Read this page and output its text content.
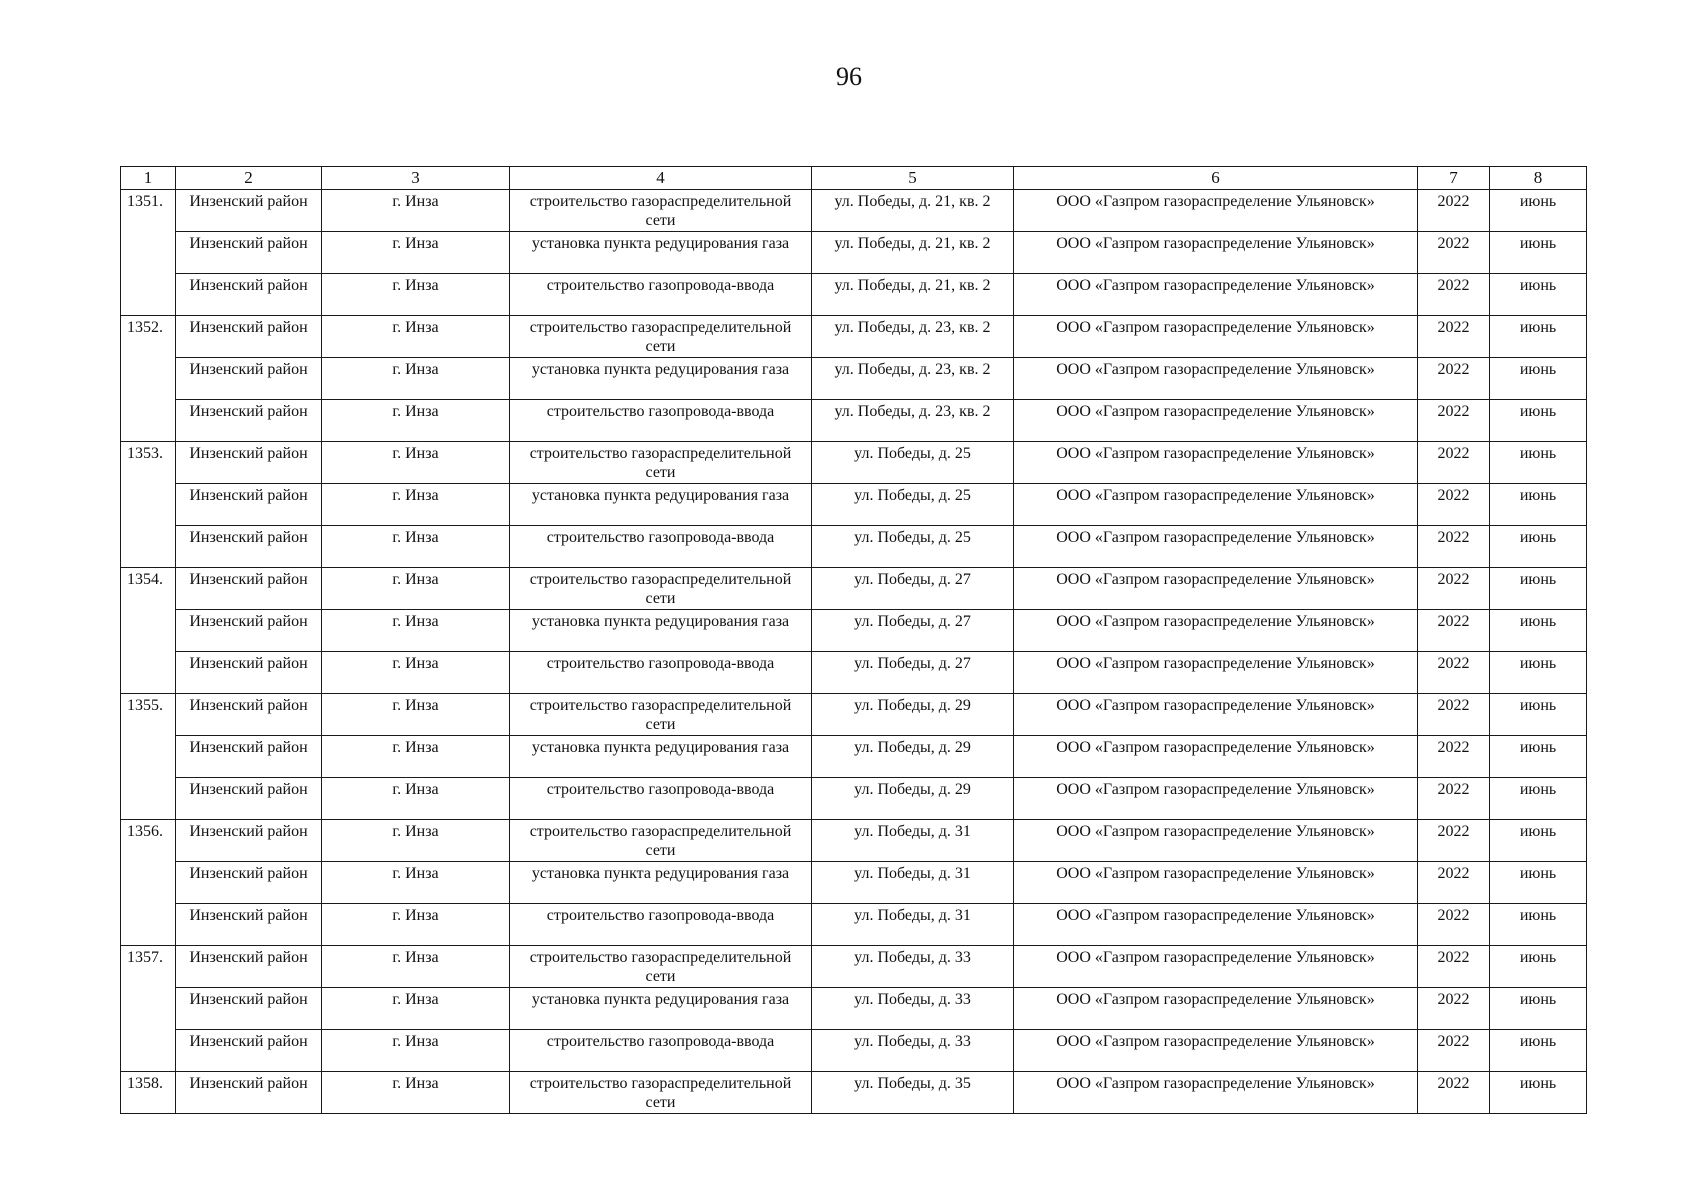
96
1	2	3	4	5	6	7	8
1351.	Инзенский район	г. Инза	строительство газораспределительной сети	ул. Победы, д. 21, кв. 2	ООО «Газпром газораспределение Ульяновск»	2022	июнь
	Инзенский район	г. Инза	установка пункта редуцирования газа	ул. Победы, д. 21, кв. 2	ООО «Газпром газораспределение Ульяновск»	2022	июнь
	Инзенский район	г. Инза	строительство газопровода-ввода	ул. Победы, д. 21, кв. 2	ООО «Газпром газораспределение Ульяновск»	2022	июнь
1352.	Инзенский район	г. Инза	строительство газораспределительной сети	ул. Победы, д. 23, кв. 2	ООО «Газпром газораспределение Ульяновск»	2022	июнь
	Инзенский район	г. Инза	установка пункта редуцирования газа	ул. Победы, д. 23, кв. 2	ООО «Газпром газораспределение Ульяновск»	2022	июнь
	Инзенский район	г. Инза	строительство газопровода-ввода	ул. Победы, д. 23, кв. 2	ООО «Газпром газораспределение Ульяновск»	2022	июнь
1353.	Инзенский район	г. Инза	строительство газораспределительной сети	ул. Победы, д. 25	ООО «Газпром газораспределение Ульяновск»	2022	июнь
	Инзенский район	г. Инза	установка пункта редуцирования газа	ул. Победы, д. 25	ООО «Газпром газораспределение Ульяновск»	2022	июнь
	Инзенский район	г. Инза	строительство газопровода-ввода	ул. Победы, д. 25	ООО «Газпром газораспределение Ульяновск»	2022	июнь
1354.	Инзенский район	г. Инза	строительство газораспределительной сети	ул. Победы, д. 27	ООО «Газпром газораспределение Ульяновск»	2022	июнь
	Инзенский район	г. Инза	установка пункта редуцирования газа	ул. Победы, д. 27	ООО «Газпром газораспределение Ульяновск»	2022	июнь
	Инзенский район	г. Инза	строительство газопровода-ввода	ул. Победы, д. 27	ООО «Газпром газораспределение Ульяновск»	2022	июнь
1355.	Инзенский район	г. Инза	строительство газораспределительной сети	ул. Победы, д. 29	ООО «Газпром газораспределение Ульяновск»	2022	июнь
	Инзенский район	г. Инза	установка пункта редуцирования газа	ул. Победы, д. 29	ООО «Газпром газораспределение Ульяновск»	2022	июнь
	Инзенский район	г. Инза	строительство газопровода-ввода	ул. Победы, д. 29	ООО «Газпром газораспределение Ульяновск»	2022	июнь
1356.	Инзенский район	г. Инза	строительство газораспределительной сети	ул. Победы, д. 31	ООО «Газпром газораспределение Ульяновск»	2022	июнь
	Инзенский район	г. Инза	установка пункта редуцирования газа	ул. Победы, д. 31	ООО «Газпром газораспределение Ульяновск»	2022	июнь
	Инзенский район	г. Инза	строительство газопровода-ввода	ул. Победы, д. 31	ООО «Газпром газораспределение Ульяновск»	2022	июнь
1357.	Инзенский район	г. Инза	строительство газораспределительной сети	ул. Победы, д. 33	ООО «Газпром газораспределение Ульяновск»	2022	июнь
	Инзенский район	г. Инза	установка пункта редуцирования газа	ул. Победы, д. 33	ООО «Газпром газораспределение Ульяновск»	2022	июнь
	Инзенский район	г. Инза	строительство газопровода-ввода	ул. Победы, д. 33	ООО «Газпром газораспределение Ульяновск»	2022	июнь
1358.	Инзенский район	г. Инза	строительство газораспределительной сети	ул. Победы, д. 35	ООО «Газпром газораспределение Ульяновск»	2022	июнь
